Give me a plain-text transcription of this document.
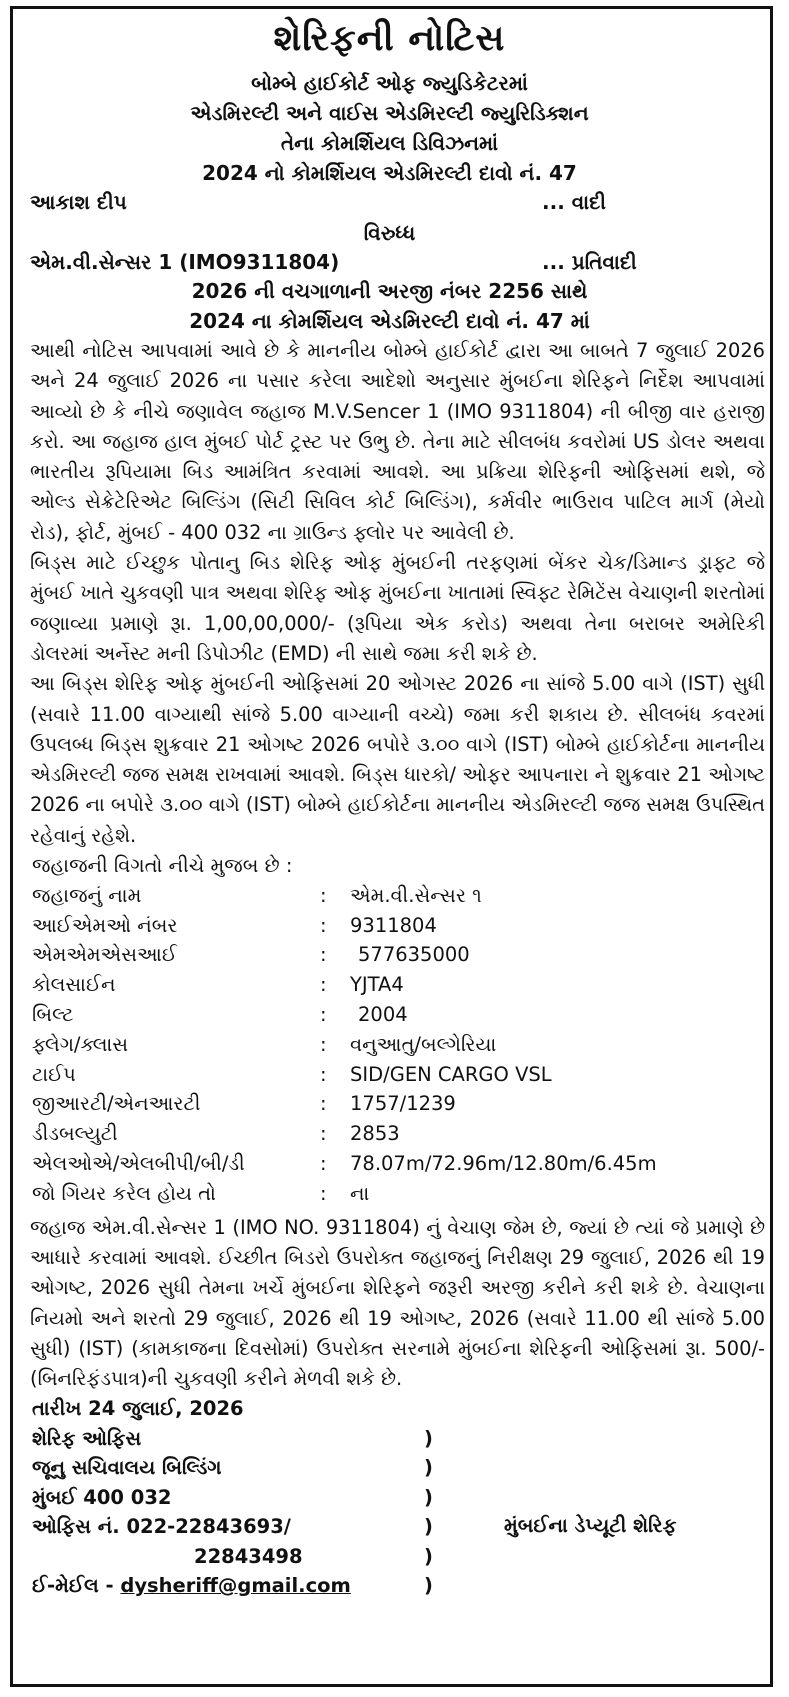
શેરિફની નોટિસ
બોમ્બે હાઈકોર્ટ ઓફ જ્યુડિકેટરમાં
એડમિરલ્ટી અને વાઈસ એડમિરલ્ટી જ્યુરિડિક્શન
તેના કોમર્શિયલ ડિવિઝનમાં
2024 નો કોમર્શિયલ એડમિરલ્ટી દાવો નં. 47
આકાશ દીપ	... વાદી
વિરુધ્ધ
એમ.વી.સેન્સર 1 (IMO9311804)	... પ્રતિવાદી
2026 ની વચગાળાની અરજી નંબર 2256 સાથે
2024 ના કોમર્શિયલ એડમિરલ્ટી દાવો નં. 47 માં

આથી નોટિસ આપવામાં આવે છે કે માનનીય બોમ્બે હાઈકોર્ટ દ્વારા આ બાબતે 7 જુલાઈ 2026 અને 24 જુલાઈ 2026 ના પસાર કરેલા આદેશો અનુસાર મુંબઈના શેરિફને નિર્દેશ આપવામાં આવ્યો છે કે નીચે જણાવેલ જહાજ M.V.Sencer 1 (IMO 9311804) ની બીજી વાર હરાજી કરો. આ જહાજ હાલ મુંબઈ પોર્ટ ટ્રસ્ટ પર ઉભુ છે. તેના માટે સીલબંધ કવરોમાં US ડોલર અથવા ભારતીય રૂપિયામા બિડ આમંત્રિત કરવામાં આવશે. આ પ્રક્રિયા શેરિફની ઓફિસમાં થશે, જે ઓલ્ડ સેક્રેટેરિએટ બિલ્ડિંગ (સિટી સિવિલ કોર્ટ બિલ્ડિંગ), કર્મવીર ભાઉરાવ પાટિલ માર્ગ (મેયો રોડ), ફોર્ટ, મુંબઈ - 400 032 ના ગ્રાઉન્ડ ફ્લોર પર આવેલી છે.

બિડ્સ માટે ઈચ્છુક પોતાનુ બિડ શેરિફ ઓફ મુંબઈની તરફણમાં બેંકર ચેક/ડિમાન્ડ ડ્રાફ્ટ જે મુંબઈ ખાતે ચુકવણી પાત્ર અથવા શેરિફ ઓફ મુંબઈના ખાતામાં સ્વિફ્ટ રેમિટેંસ વેચાણની શરતોમાં જણાવ્યા પ્રમાણે રૂા. 1,00,00,000/- (રૂપિયા એક કરોડ) અથવા તેના બરાબર અમેરિકી ડોલરમાં અર્નેસ્ટ મની ડિપોઝીટ (EMD) ની સાથે જમા કરી શકે છે.

આ બિડ્સ શેરિફ ઓફ મુંબઈની ઓફિસમાં 20 ઓગસ્ટ 2026 ના સાંજે 5.00 વાગે (IST) સુધી (સવારે 11.00 વાગ્યાથી સાંજે 5.00 વાગ્યાની વચ્ચે) જમા કરી શકાય છે. સીલબંધ કવરમાં ઉપલબ્ધ બિડ્સ શુક્રવાર 21 ઓગષ્ટ 2026 બપોરે ૩.૦૦ વાગે (IST) બોમ્બે હાઈકોર્ટના માનનીય એડમિરલ્ટી જજ સમક્ષ રાખવામાં આવશે. બિડ્સ ધારકો/ ઓફર આપનારા ને શુક્રવાર 21 ઓગષ્ટ 2026 ના બપોરે ૩.૦૦ વાગે (IST) બોમ્બે હાઈકોર્ટના માનનીય એડમિરલ્ટી જજ સમક્ષ ઉપસ્થિત રહેવાનું રહેશે.

જહાજની વિગતો નીચે મુજબ છે :
જહાજનું નામ	: એમ.વી.સેન્સર ૧
આઈએમઓ નંબર	: 9311804
એમએમએસઆઈ	: 577635000
કોલસાઈન	: YJTA4
બિલ્ટ	: 2004
ફ્લેગ/ક્લાસ	: વનુઆતુ/બલ્ગેરિયા
ટાઈપ	: SID/GEN CARGO VSL
જીઆરટી/એનઆરટી	: 1757/1239
ડીડબલ્યુટી	: 2853
એલઓએ/એલબીપી/બી/ડી	: 78.07m/72.96m/12.80m/6.45m
જો ગિયર કરેલ હોય તો	: ના

જહાજ એમ.વી.સેન્સર 1 (IMO NO. 9311804) નું વેચાણ જેમ છે, જ્યાં છે ત્યાં જે પ્રમાણે છે આધારે કરવામાં આવશે. ઈચ્છીત બિડરો ઉપરોક્ત જહાજનું નિરીક્ષણ 29 જુલાઈ, 2026 થી 19 ઓગષ્ટ, 2026 સુધી તેમના ખર્ચે મુંબઈના શેરિફને જરૂરી અરજી કરીને કરી શકે છે. વેચાણના નિયમો અને શરતો 29 જુલાઈ, 2026 થી 19 ઓગષ્ટ, 2026 (સવારે 11.00 થી સાંજે 5.00 સુધી) (IST) (કામકાજના દિવસોમાં) ઉપરોક્ત સરનામે મુંબઈના શેરિફની ઓફિસમાં રૂા. 500/- (બિનરિફંડપાત્ર)ની ચુકવણી કરીને મેળવી શકે છે.

તારીખ 24 જુલાઈ, 2026
શેરિફ ઓફિસ	)
જૂનુ સચિવાલય બિલ્ડિંગ	)
મુંબઈ 400 032	)
ઓફિસ નં. 022-22843693/	)
22843498	)
ઈ-મેઈલ - dysheriff@gmail.com	)
મુંબઈના ડેપ્યૂટી શેરિફ
